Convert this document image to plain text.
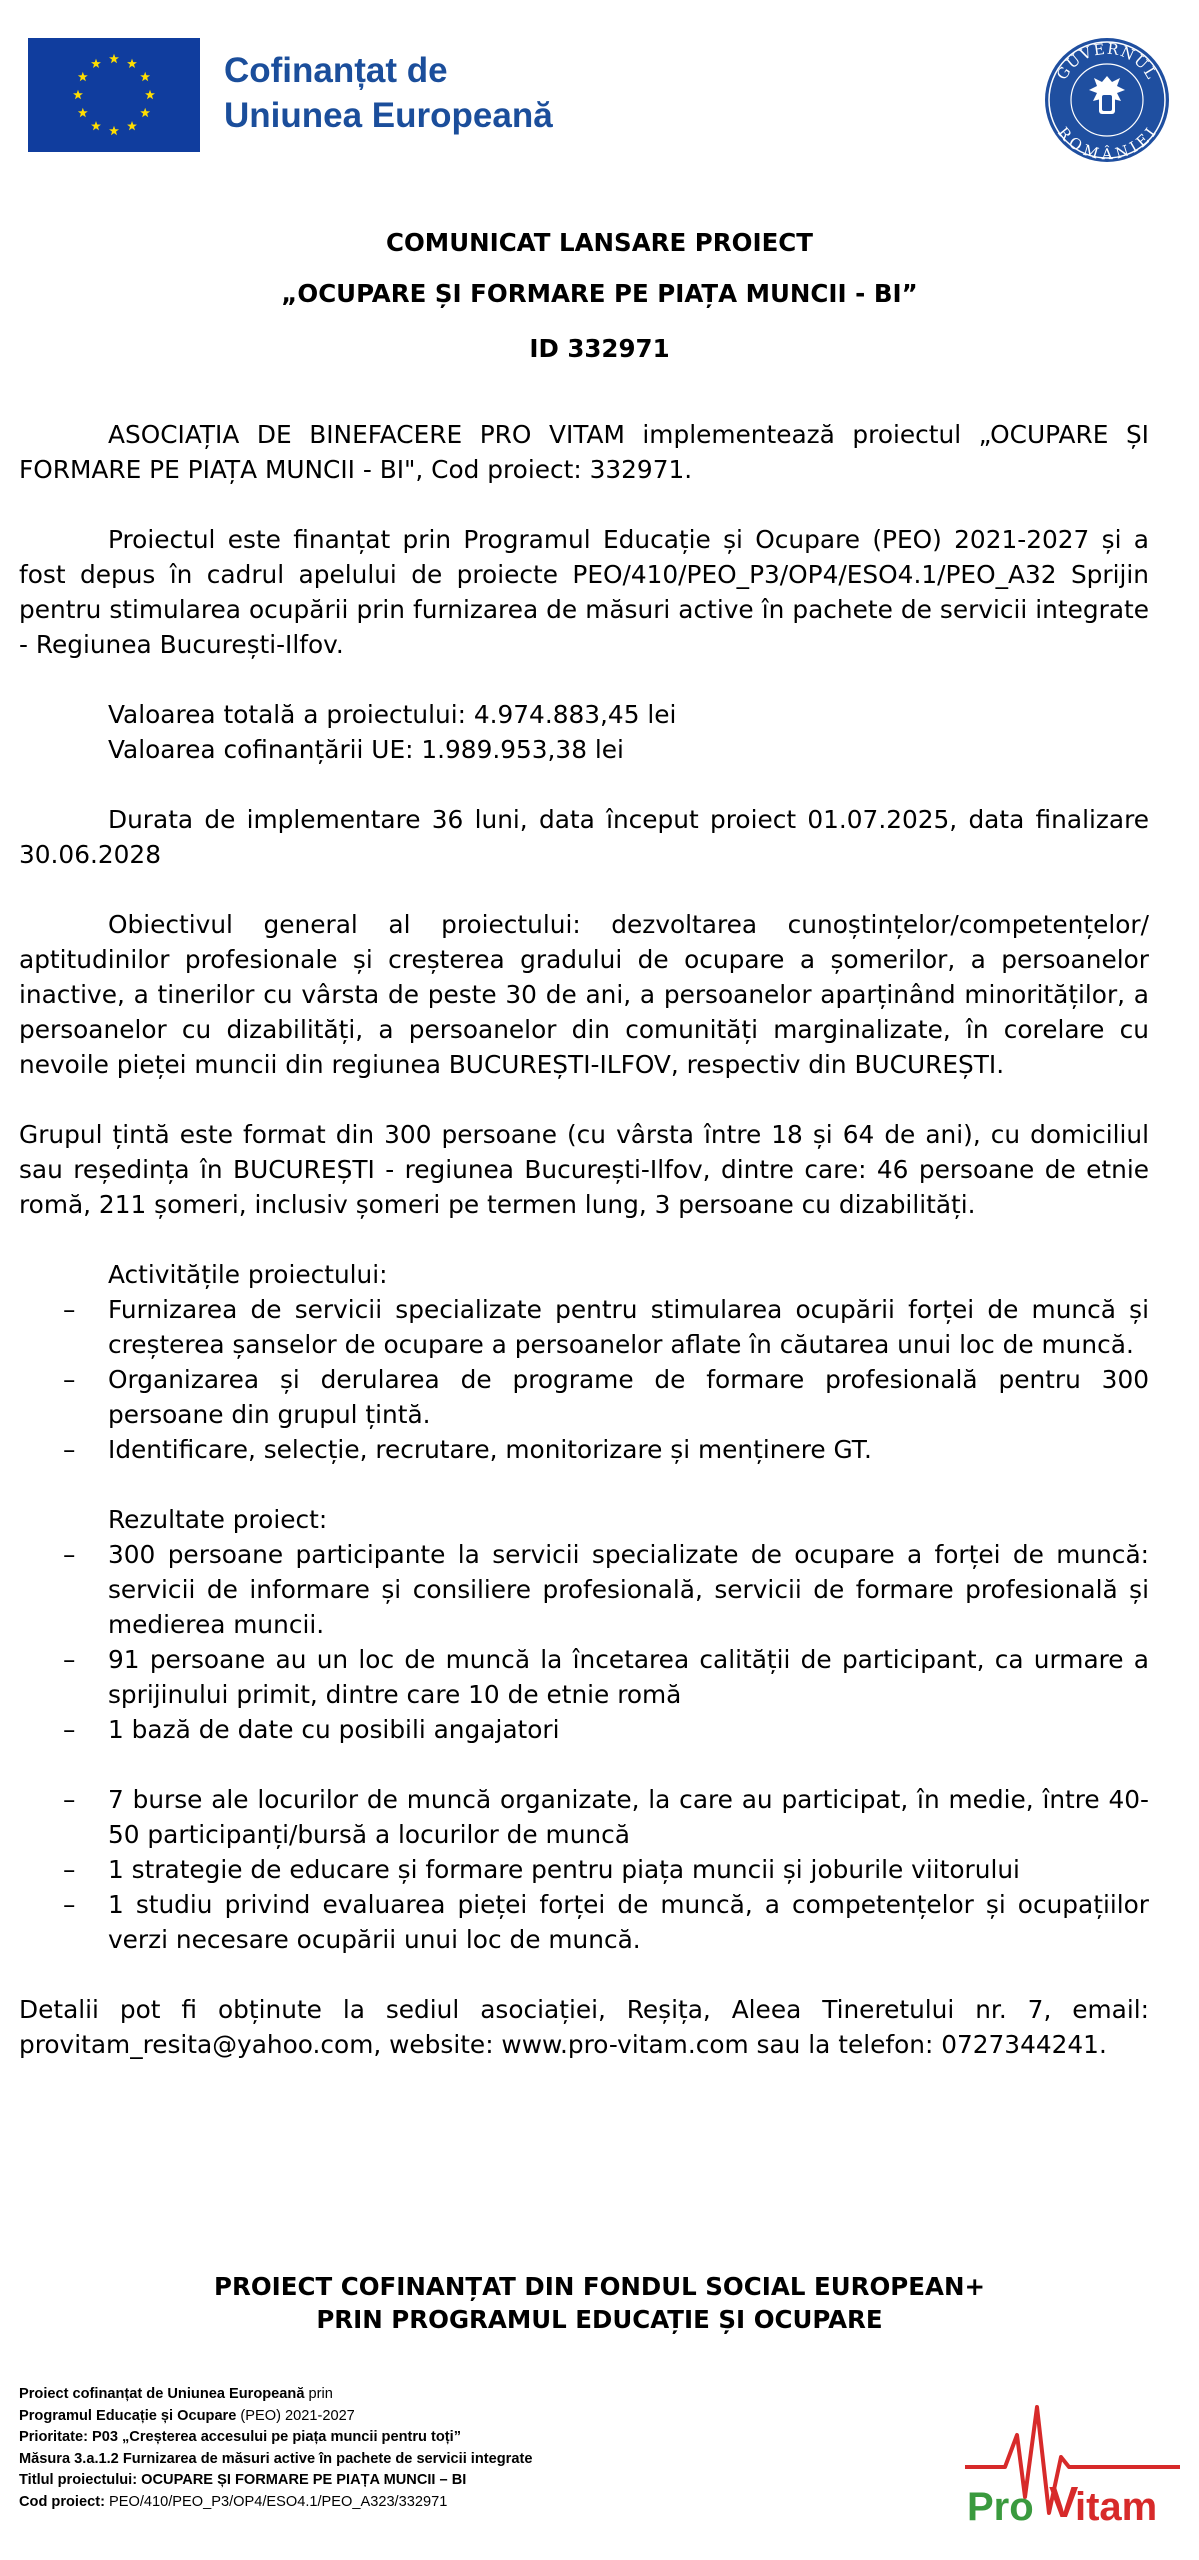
Cofinanțat de
Uniunea Europeană
GUVERNUL
ROMÂNIEI
COMUNICAT LANSARE PROIECT
„OCUPARE ȘI FORMARE PE PIAȚA MUNCII - BI”
ID 332971

ASOCIAȚIA DE BINEFACERE PRO VITAM implementează proiectul „OCUPARE ȘI FORMARE PE PIAȚA MUNCII - BI", Cod proiect: 332971.

Proiectul este finanțat prin Programul Educație și Ocupare (PEO) 2021-2027 și a fost depus în cadrul apelului de proiecte PEO/410/PEO_P3/OP4/ESO4.1/PEO_A32 Sprijin pentru stimularea ocupării prin furnizarea de măsuri active în pachete de servicii integrate - Regiunea București-Ilfov.

Valoarea totală a proiectului: 4.974.883,45 lei

Valoarea cofinanțării UE: 1.989.953,38 lei

Durata de implementare 36 luni, data început proiect 01.07.2025, data finalizare 30.06.2028

Obiectivul general al proiectului: dezvoltarea cunoștințelor/competențelor/ aptitudinilor profesionale și creșterea gradului de ocupare a șomerilor, a persoanelor inactive, a tinerilor cu vârsta de peste 30 de ani, a persoanelor aparținând minorităților, a persoanelor cu dizabilități, a persoanelor din comunități marginalizate, în corelare cu nevoile pieței muncii din regiunea BUCUREȘTI-ILFOV, respectiv din BUCUREȘTI.

Grupul țintă este format din 300 persoane (cu vârsta între 18 și 64 de ani), cu domiciliul sau reședința în BUCUREȘTI - regiunea București-Ilfov, dintre care: 46 persoane de etnie romă, 211 șomeri, inclusiv șomeri pe termen lung, 3 persoane cu dizabilități.

Activitățile proiectului:

– Furnizarea de servicii specializate pentru stimularea ocupării forței de muncă și creșterea șanselor de ocupare a persoanelor aflate în căutarea unui loc de muncă.
– Organizarea și derularea de programe de formare profesională pentru 300 persoane din grupul țintă.
– Identificare, selecție, recrutare, monitorizare și menținere GT.

Rezultate proiect:

– 300 persoane participante la servicii specializate de ocupare a forței de muncă: servicii de informare și consiliere profesională, servicii de formare profesională și medierea muncii.
– 91 persoane au un loc de muncă la încetarea calității de participant, ca urmare a sprijinului primit, dintre care 10 de etnie romă
– 1 bază de date cu posibili angajatori
– 7 burse ale locurilor de muncă organizate, la care au participat, în medie, între 40-50 participanți/bursă a locurilor de muncă
– 1 strategie de educare și formare pentru piața muncii și joburile viitorului
– 1 studiu privind evaluarea pieței forței de muncă, a competențelor și ocupațiilor verzi necesare ocupării unui loc de muncă.

Detalii pot fi obținute la sediul asociației, Reșița, Aleea Tineretului nr. 7, email: provitam_resita@yahoo.com, website: www.pro-vitam.com sau la telefon: 0727344241.

PROIECT COFINANȚAT DIN FONDUL SOCIAL EUROPEAN+
PRIN PROGRAMUL EDUCAȚIE ȘI OCUPARE
Proiect cofinanțat de Uniunea Europeană prin
Programul Educație și Ocupare (PEO) 2021-2027
Prioritate: P03 „Creșterea accesului pe piața muncii pentru toți”
Măsura 3.a.1.2 Furnizarea de măsuri active în pachete de servicii integrate
Titlul proiectului: OCUPARE ȘI FORMARE PE PIAȚA MUNCII – BI
Cod proiect: PEO/410/PEO_P3/OP4/ESO4.1/PEO_A323/332971	Pro V
itam
